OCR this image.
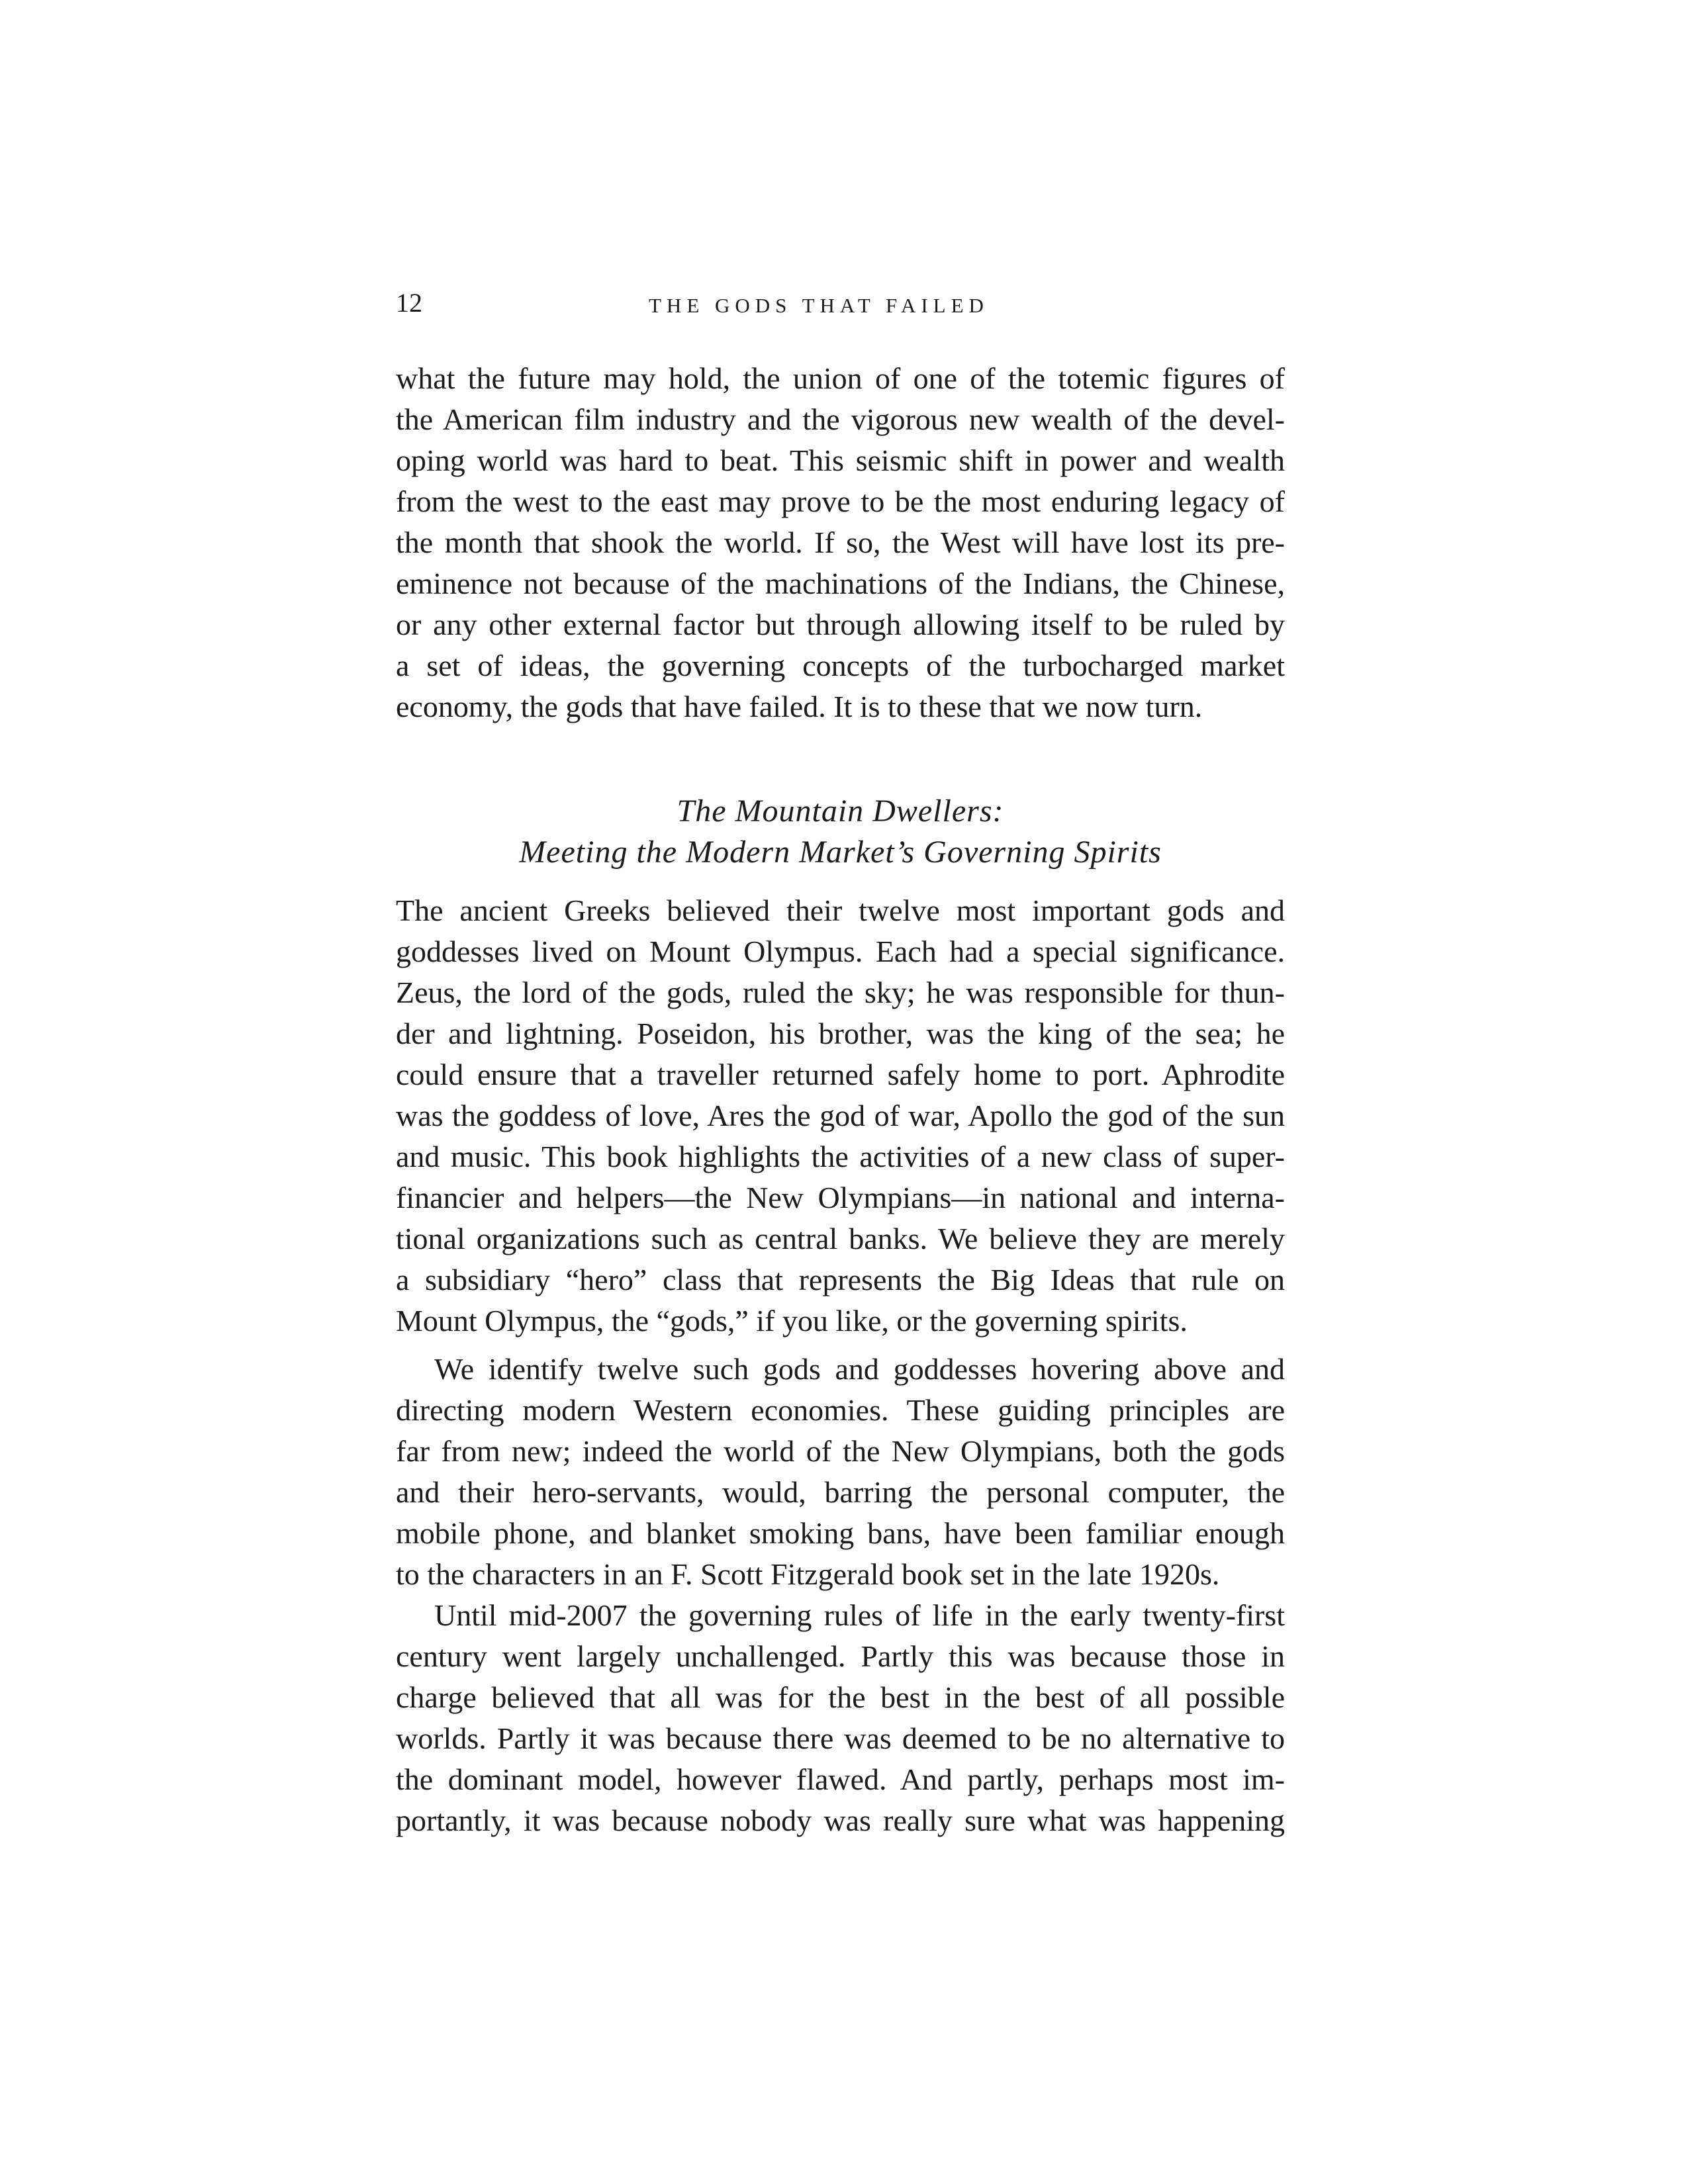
12	THE GODS THAT FAILED
what the future may hold, the union of one of the totemic figures of
the American film industry and the vigorous new wealth of the devel-
oping world was hard to beat. This seismic shift in power and wealth
from the west to the east may prove to be the most enduring legacy of
the month that shook the world. If so, the West will have lost its pre-
eminence not because of the machinations of the Indians, the Chinese,
or any other external factor but through allowing itself to be ruled by
a set of ideas, the governing concepts of the turbocharged market
economy, the gods that have failed. It is to these that we now turn.
The Mountain Dwellers:
Meeting the Modern Market’s Governing Spirits
The ancient Greeks believed their twelve most important gods and
goddesses lived on Mount Olympus. Each had a special significance.
Zeus, the lord of the gods, ruled the sky; he was responsible for thun-
der and lightning. Poseidon, his brother, was the king of the sea; he
could ensure that a traveller returned safely home to port. Aphrodite
was the goddess of love, Ares the god of war, Apollo the god of the sun
and music. This book highlights the activities of a new class of super-
financier and helpers—the New Olympians—in national and interna-
tional organizations such as central banks. We believe they are merely
a subsidiary “hero” class that represents the Big Ideas that rule on
Mount Olympus, the “gods,” if you like, or the governing spirits.
We identify twelve such gods and goddesses hovering above and
directing modern Western economies. These guiding principles are
far from new; indeed the world of the New Olympians, both the gods
and their hero-servants, would, barring the personal computer, the
mobile phone, and blanket smoking bans, have been familiar enough
to the characters in an F. Scott Fitzgerald book set in the late 1920s.
Until mid-2007 the governing rules of life in the early twenty-first
century went largely unchallenged. Partly this was because those in
charge believed that all was for the best in the best of all possible
worlds. Partly it was because there was deemed to be no alternative to
the dominant model, however flawed. And partly, perhaps most im-
portantly, it was because nobody was really sure what was happening
